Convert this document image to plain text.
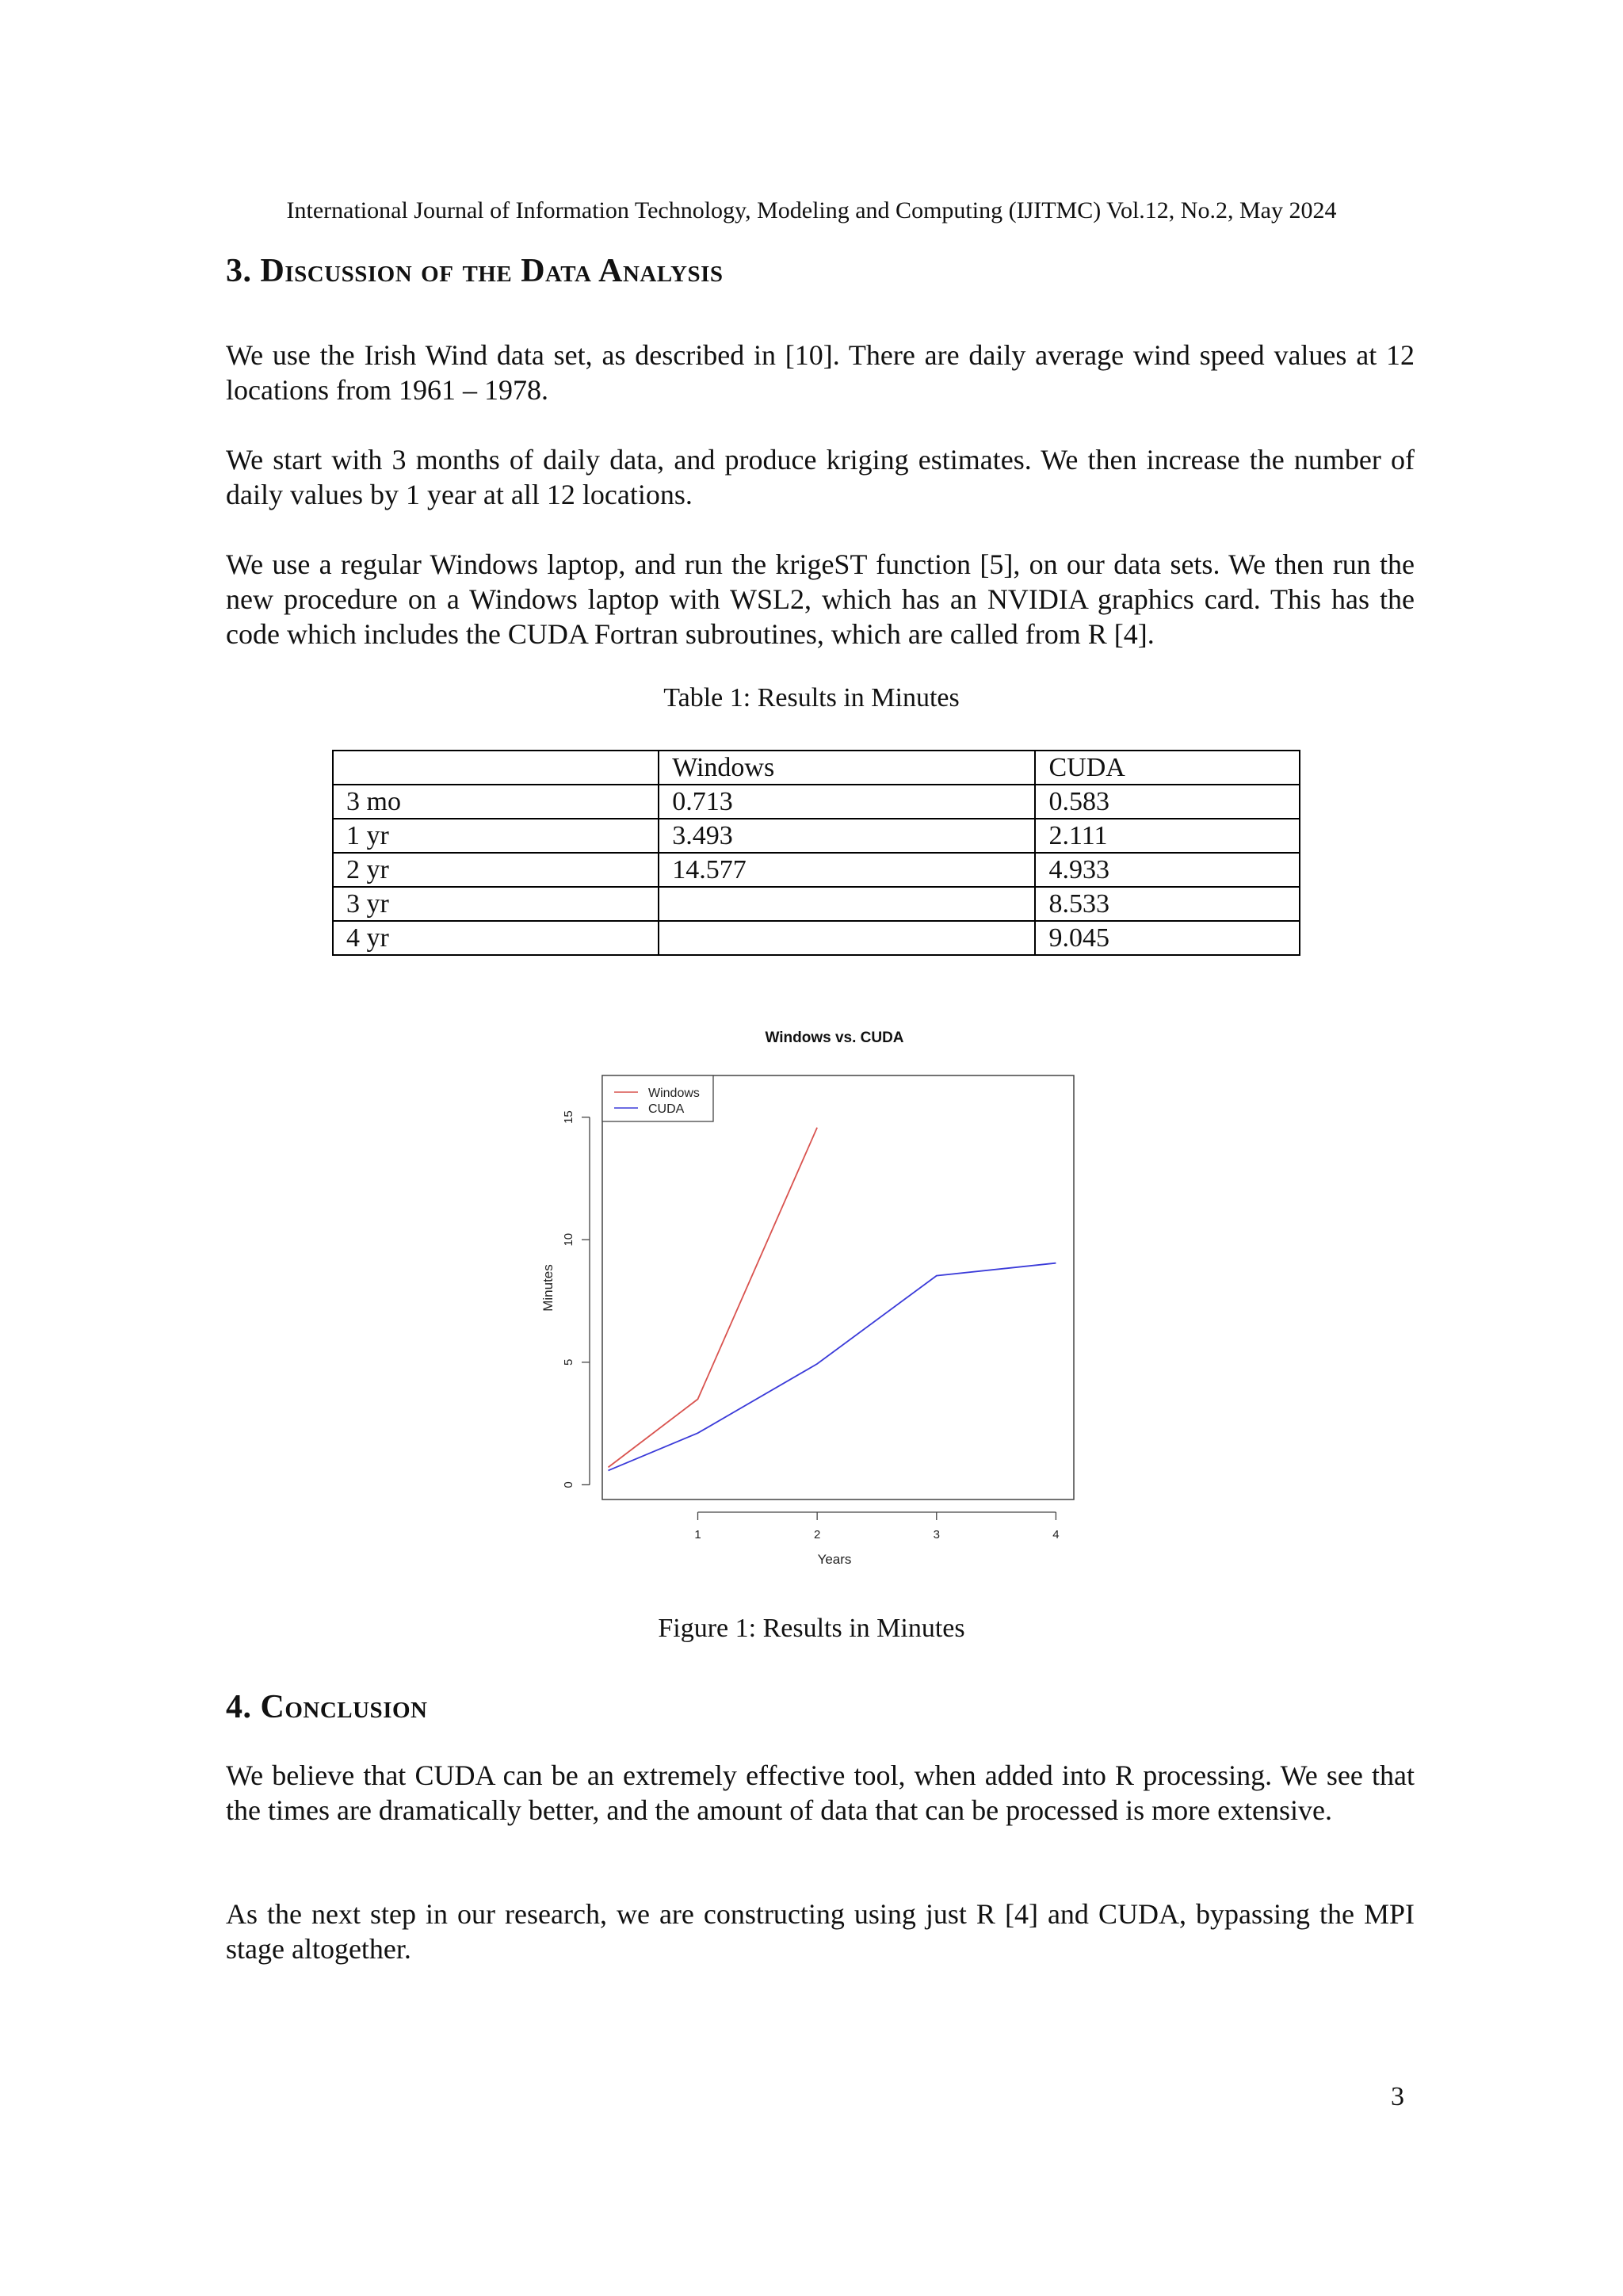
International Journal of Information Technology, Modeling and Computing (IJITMC) Vol.12, No.2, May 2024
3. Discussion of the Data Analysis

We use the Irish Wind data set, as described in [10]. There are daily average wind speed values at 12 locations from 1961 – 1978.

We start with 3 months of daily data, and produce kriging estimates. We then increase the number of daily values by 1 year at all 12 locations.

We use a regular Windows laptop, and run the krigeST function [5], on our data sets. We then run the new procedure on a Windows laptop with WSL2, which has an NVIDIA graphics card. This has the code which includes the CUDA Fortran subroutines, which are called from R [4].

Table 1: Results in Minutes
	Windows	CUDA
3 mo	0.713	0.583
1 yr	3.493	2.111
2 yr	14.577	4.933
3 yr		8.533
4 yr		9.045
Windows vs. CUDA
0
5
10
15
1	2	3	4
Years
Minutes
Windows
CUDA
Figure 1: Results in Minutes
4. Conclusion

We believe that CUDA can be an extremely effective tool, when added into R processing. We see that the times are dramatically better, and the amount of data that can be processed is more extensive.

As the next step in our research, we are constructing using just R [4] and CUDA, bypassing the MPI stage altogether.

3
